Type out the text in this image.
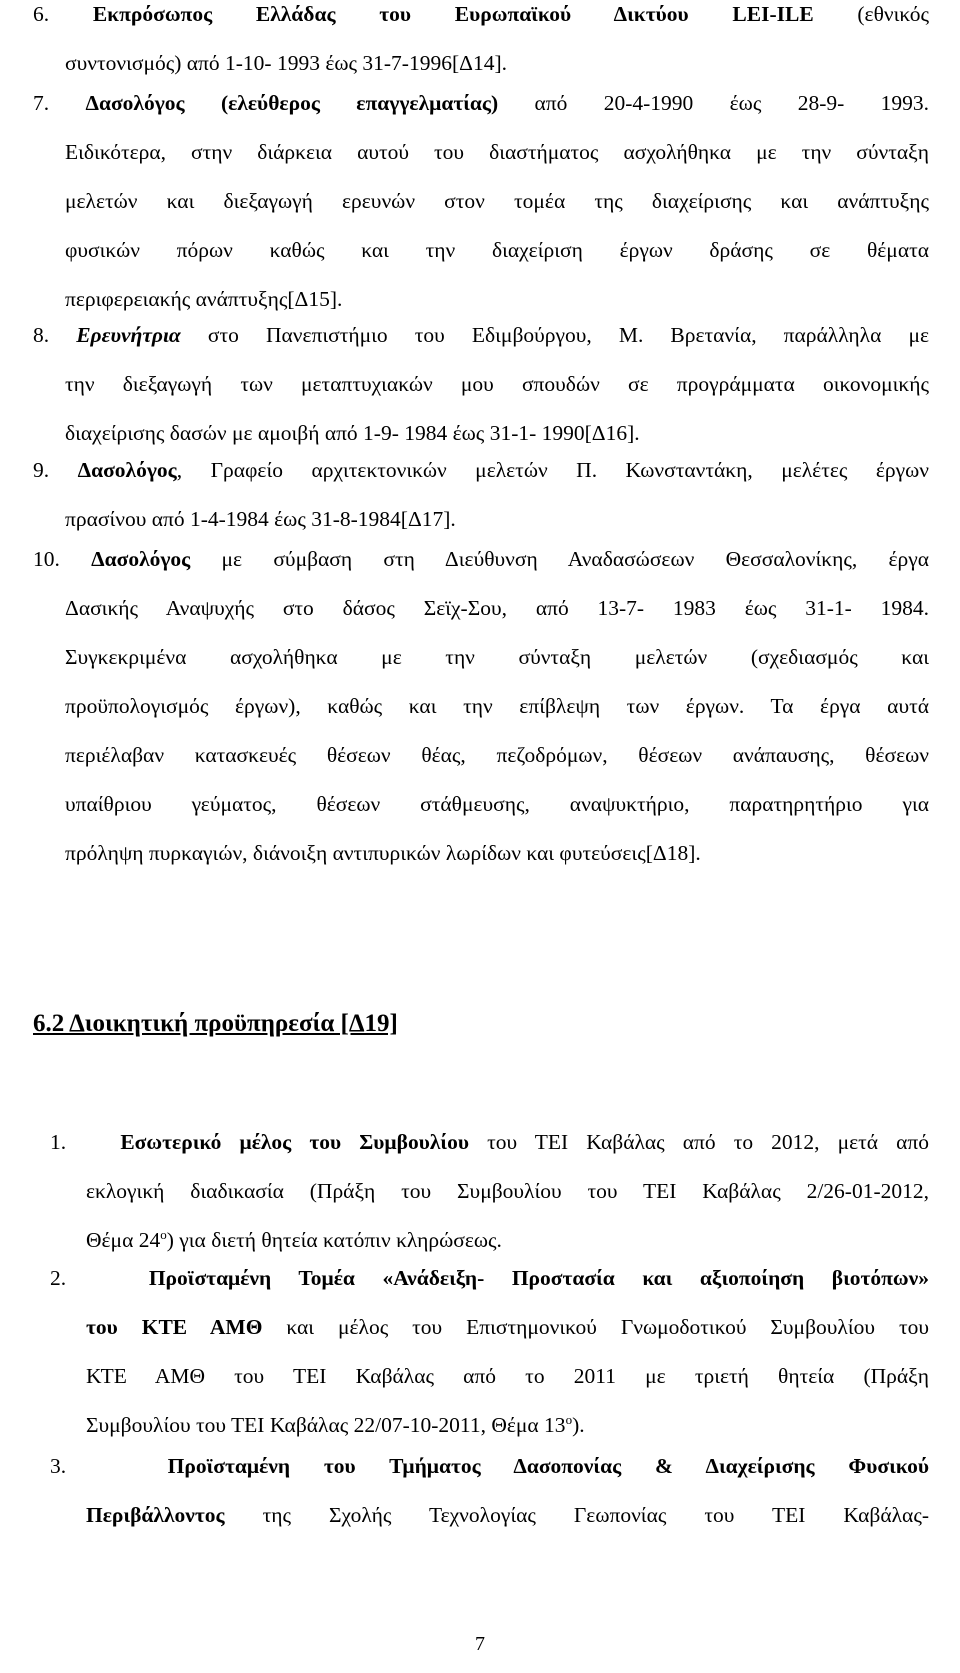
6. Εκπρόσωπος Ελλάδας του Ευρωπαϊκού Δικτύου LEI-ILE (εθνικός
συντονισμός) από 1-10- 1993 έως 31-7-1996[Δ14].
7. Δασολόγος (ελεύθερος επαγγελματίας) από 20-4-1990 έως 28-9- 1993.
Ειδικότερα, στην διάρκεια αυτού του διαστήματος ασχολήθηκα με την σύνταξη
μελετών και διεξαγωγή ερευνών στον τομέα της διαχείρισης και ανάπτυξης
φυσικών πόρων καθώς και την διαχείριση έργων δράσης σε θέματα
περιφερειακής ανάπτυξης[Δ15].
8. Ερευνήτρια στο Πανεπιστήμιο του Εδιμβούργου, Μ. Βρετανία, παράλληλα με
την διεξαγωγή των μεταπτυχιακών μου σπουδών σε προγράμματα οικονομικής
διαχείρισης δασών με αμοιβή από 1-9- 1984 έως 31-1- 1990[Δ16].
9. Δασολόγος, Γραφείο αρχιτεκτονικών μελετών Π. Κωνσταντάκη, μελέτες έργων
πρασίνου από 1-4-1984 έως 31-8-1984[Δ17].
10. Δασολόγος με σύμβαση στη Διεύθυνση Αναδασώσεων Θεσσαλονίκης, έργα
Δασικής Αναψυχής στο δάσος Σεϊχ-Σου, από 13-7- 1983 έως 31-1- 1984.
Συγκεκριμένα ασχολήθηκα με την σύνταξη μελετών (σχεδιασμός και
προϋπολογισμός έργων), καθώς και την επίβλεψη των έργων. Τα έργα αυτά
περιέλαβαν κατασκευές θέσεων θέας, πεζοδρόμων, θέσεων ανάπαυσης, θέσεων
υπαίθριου γεύματος, θέσεων στάθμευσης, αναψυκτήριο, παρατηρητήριο για
πρόληψη πυρκαγιών, διάνοιξη αντιπυρικών λωρίδων και φυτεύσεις[Δ18].
6.2 Διοικητική προϋπηρεσία [Δ19]
1.	Εσωτερικό μέλος του Συμβουλίου του ΤΕΙ Καβάλας από το 2012, μετά από
εκλογική διαδικασία (Πράξη του Συμβουλίου του ΤΕΙ Καβάλας 2/26-01-2012,
Θέμα $24^o$) για διετή θητεία κατόπιν κληρώσεως.
2.	Προϊσταμένη Τομέα «Ανάδειξη- Προστασία και αξιοποίηση βιοτόπων»
του ΚΤΕ ΑΜΘ και μέλος του Επιστημονικού Γνωμοδοτικού Συμβουλίου του
ΚΤΕ ΑΜΘ του ΤΕΙ Καβάλας από το 2011 με τριετή θητεία (Πράξη
Συμβουλίου του ΤΕΙ Καβάλας 22/07-10-2011, Θέμα $13^o$).
3.	Προϊσταμένη του Τμήματος Δασοπονίας & Διαχείρισης Φυσικού
Περιβάλλοντος της Σχολής Τεχνολογίας Γεωπονίας του ΤΕΙ Καβάλας-
7
